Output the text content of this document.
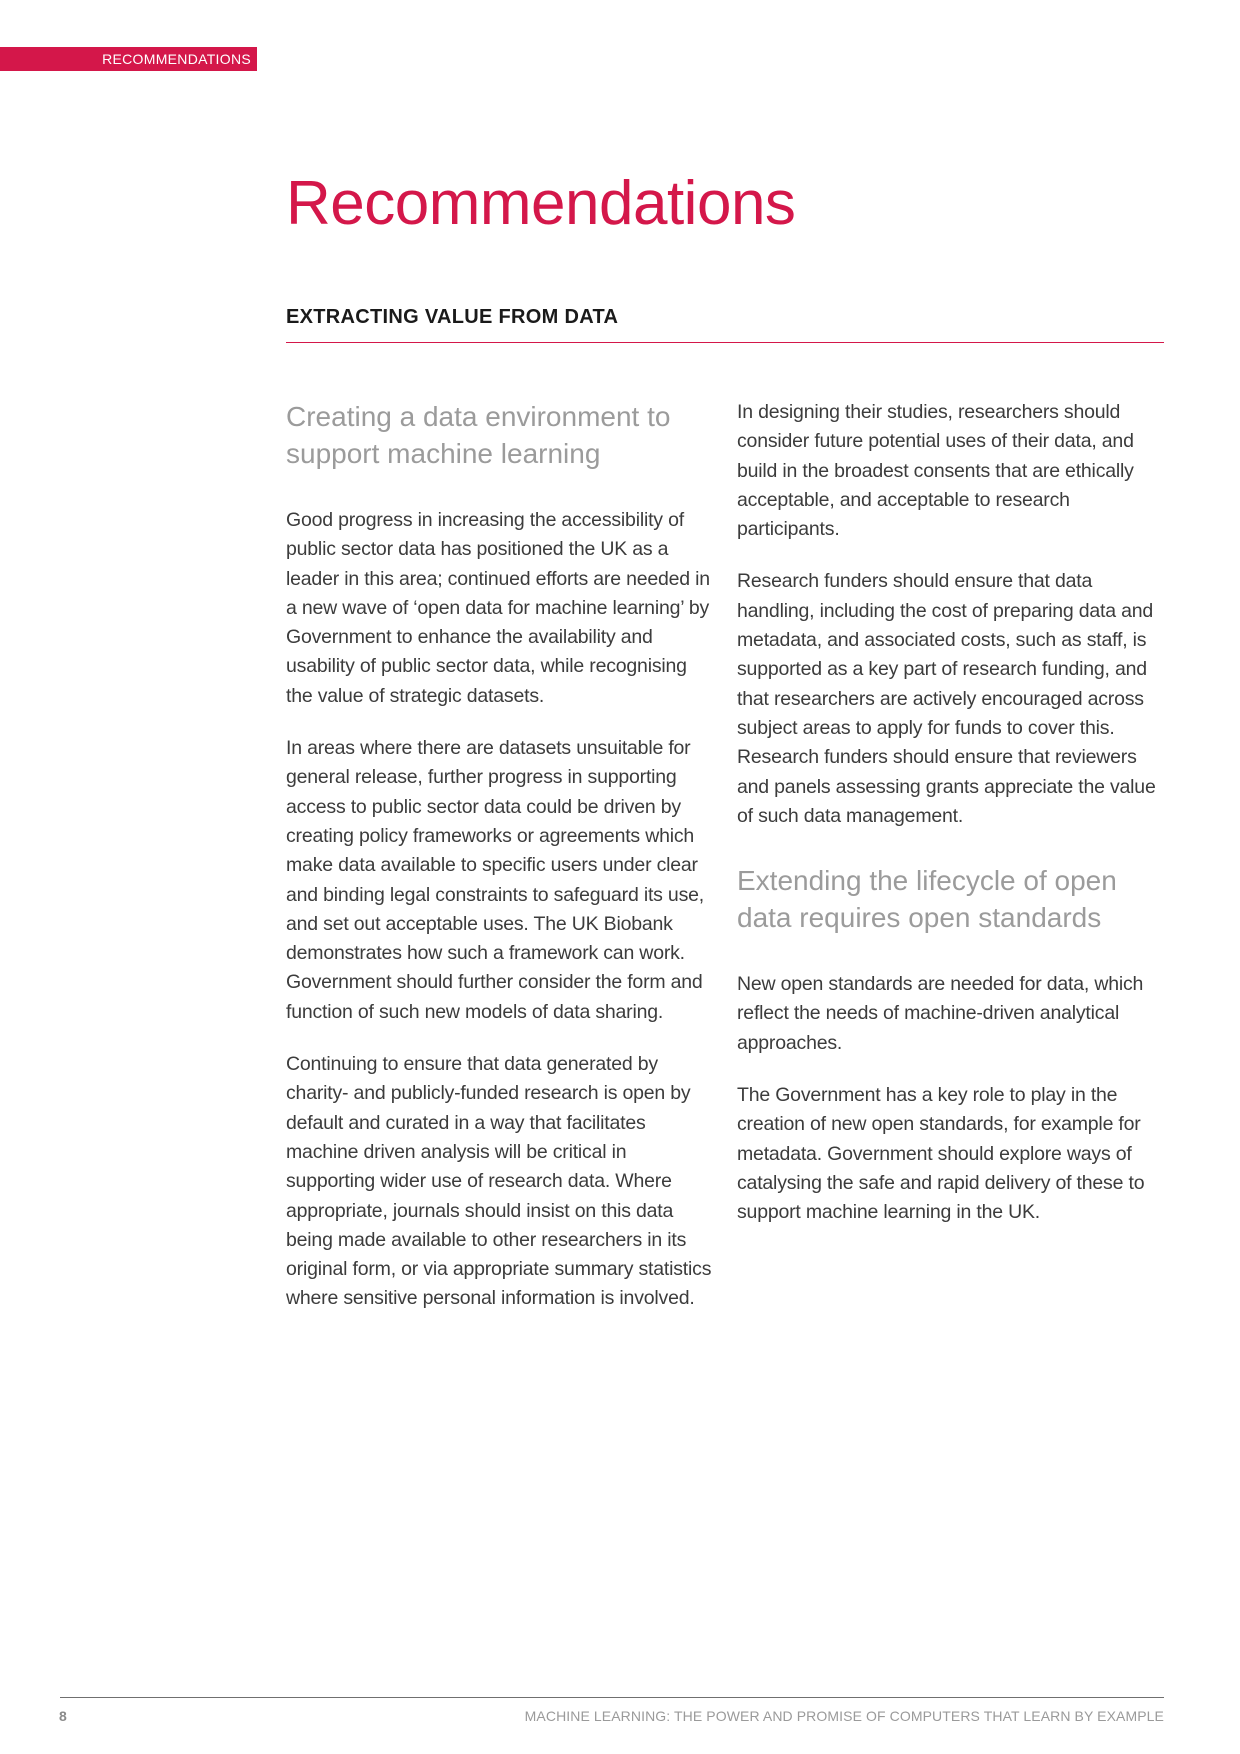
RECOMMENDATIONS
Recommendations
EXTRACTING VALUE FROM DATA
Creating a data environment to support machine learning

Good progress in increasing the accessibility of public sector data has positioned the UK as a leader in this area; continued efforts are needed in a new wave of ‘open data for machine learning’ by Government to enhance the availability and usability of public sector data, while recognising the value of strategic datasets.

In areas where there are datasets unsuitable for general release, further progress in supporting access to public sector data could be driven by creating policy frameworks or agreements which make data available to specific users under clear and binding legal constraints to safeguard its use, and set out acceptable uses. The UK Biobank demonstrates how such a framework can work. Government should further consider the form and function of such new models of data sharing.

Continuing to ensure that data generated by charity- and publicly-funded research is open by default and curated in a way that facilitates machine driven analysis will be critical in supporting wider use of research data. Where appropriate, journals should insist on this data being made available to other researchers in its original form, or via appropriate summary statistics where sensitive personal information is involved.

In designing their studies, researchers should consider future potential uses of their data, and build in the broadest consents that are ethically acceptable, and acceptable to research participants.

Research funders should ensure that data handling, including the cost of preparing data and metadata, and associated costs, such as staff, is supported as a key part of research funding, and that researchers are actively encouraged across subject areas to apply for funds to cover this. Research funders should ensure that reviewers and panels assessing grants appreciate the value of such data management.

Extending the lifecycle of open data requires open standards

New open standards are needed for data, which reflect the needs of machine-driven analytical approaches.

The Government has a key role to play in the creation of new open standards, for example for metadata. Government should explore ways of catalysing the safe and rapid delivery of these to support machine learning in the UK.

8	MACHINE LEARNING: THE POWER AND PROMISE OF COMPUTERS THAT LEARN BY EXAMPLE
